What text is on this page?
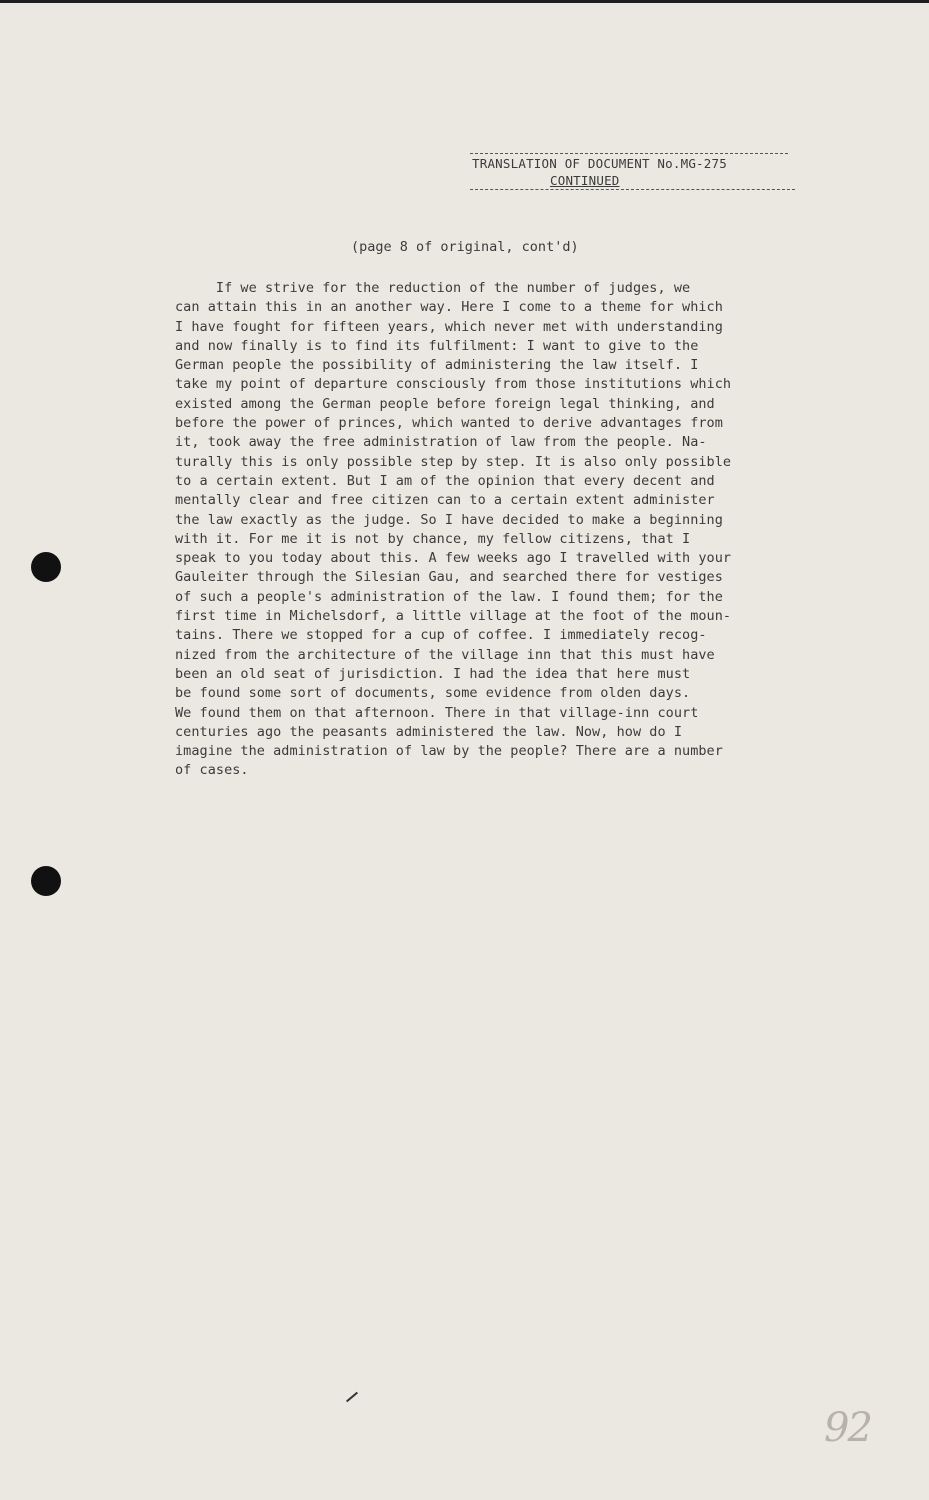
TRANSLATION OF DOCUMENT No.MG-275
CONTINUED
(page 8 of original, cont'd)
If we strive for the reduction of the number of judges, we
can attain this in an another way. Here I come to a theme for which
I have fought for fifteen years, which never met with understanding
and now finally is to find its fulfilment: I want to give to the
German people the possibility of administering the law itself. I
take my point of departure consciously from those institutions which
existed among the German people before foreign legal thinking, and
before the power of princes, which wanted to derive advantages from
it, took away the free administration of law from the people. Na-
turally this is only possible step by step. It is also only possible
to a certain extent. But I am of the opinion that every decent and
mentally clear and free citizen can to a certain extent administer
the law exactly as the judge. So I have decided to make a beginning
with it. For me it is not by chance, my fellow citizens, that I
speak to you today about this. A few weeks ago I travelled with your
Gauleiter through the Silesian Gau, and searched there for vestiges
of such a people's administration of the law. I found them; for the
first time in Michelsdorf, a little village at the foot of the moun-
tains. There we stopped for a cup of coffee. I immediately recog-
nized from the architecture of the village inn that this must have
been an old seat of jurisdiction. I had the idea that here must
be found some sort of documents, some evidence from olden days.
We found them on that afternoon. There in that village-inn court
centuries ago the peasants administered the law. Now, how do I
imagine the administration of law by the people? There are a number
of cases.
92
